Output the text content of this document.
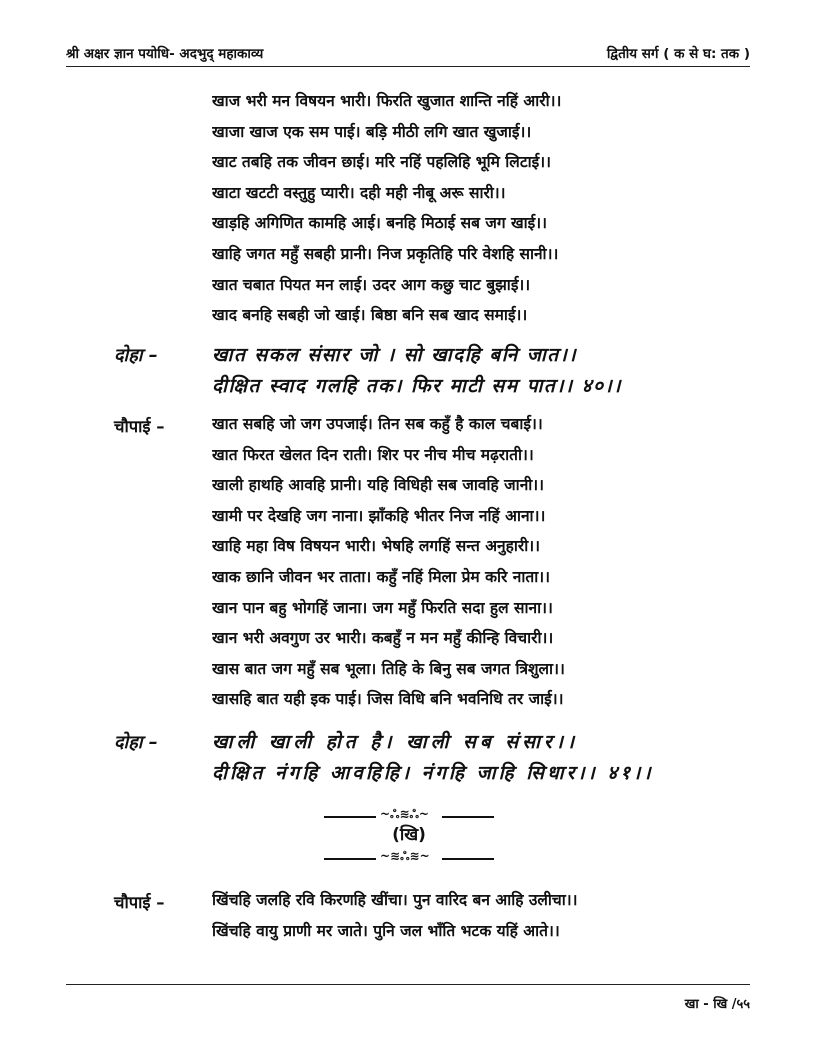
श्री अक्षर ज्ञान पयोधि- अदभुद् महाकाव्य	द्वितीय सर्ग ( क से घ: तक )
खाज भरी मन विषयन भारी। फिरति खुजात शान्ति नहिं आरी।।
खाजा खाज एक सम पाई। बड़ि मीठी लगि खात खुजाई।।
खाट तबहि तक जीवन छाई। मरि नहिं पहलिहि भूमि लिटाई।।
खाटा खटटी वस्तुहु प्यारी। दही मही नीबू अरू सारी।।
खाड़हि अगिणित कामहि आई। बनहि मिठाई सब जग खाई।।
खाहि जगत महुँ सबही प्रानी। निज प्रकृतिहि परि वेशहि सानी।।
खात चबात पियत मन लाई। उदर आग कछु चाट बुझाई।।
खाद बनहि सबही जो खाई। बिष्ठा बनि सब खाद समाई।।
दोहा –	खात सकल संसार जो । सो खादहि बनि जात।।
दीक्षित स्वाद गलहि तक। फिर माटी सम पात।। ४०।।
चौपाई –	खात सबहि जो जग उपजाई। तिन सब कहुँ है काल चबाई।।
खात फिरत खेलत दिन राती। शिर पर नीच मीच मढ़राती।।
खाली हाथहि आवहि प्रानी। यहि विधिही सब जावहि जानी।।
खामी पर देखहि जग नाना। झाँकहि भीतर निज नहिं आना।।
खाहि महा विष विषयन भारी। भेषहि लगहिं सन्त अनुहारी।।
खाक छानि जीवन भर ताता। कहुँ नहिं मिला प्रेम करि नाता।।
खान पान बहु भोगहिं जाना। जग महुँ फिरति सदा हुल साना।।
खान भरी अवगुण उर भारी। कबहुँ न मन महुँ कीन्हि विचारी।।
खास बात जग महुँ सब भूला। तिहि के बिनु सब जगत त्रिशुला।।
खासहि बात यही इक पाई। जिस विधि बनि भवनिधि तर जाई।।
दोहा –	खाली खाली होत है। खाली सब संसार।।
दीक्षित नंगहि आवहिहि। नंगहि जाहि सिधार।। ४१।।
~ஃ≋ஃ~
(खि)
~≋ஃ≋~
चौपाई –	खिंचहि जलहि रवि किरणहि खींचा। पुन वारिद बन आहि उलीचा।।
खिंचहि वायु प्राणी मर जाते। पुनि जल भाँति भटक यहिं आते।।
खा - खि /५५
